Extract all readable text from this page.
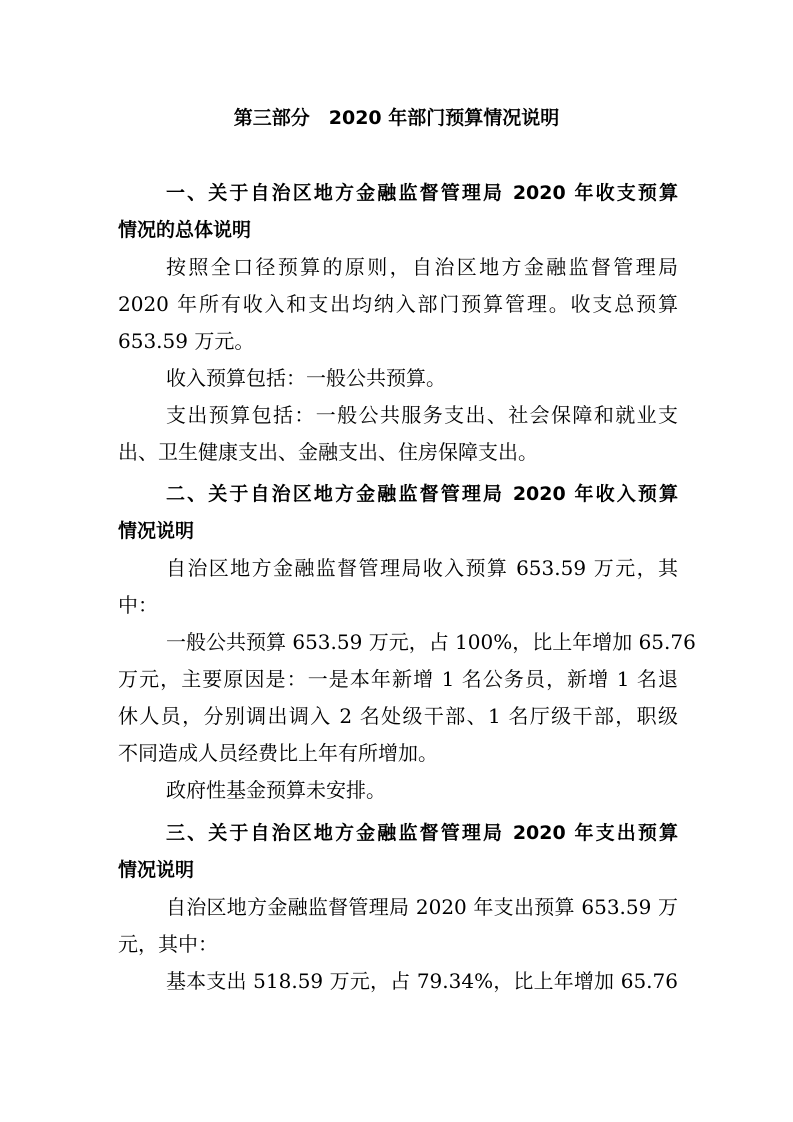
第三部分　2020 年部门预算情况说明
一、关于自治区地方金融监督管理局 2020 年收支预算
情况的总体说明
按照全口径预算的原则，自治区地方金融监督管理局
2020 年所有收入和支出均纳入部门预算管理。收支总预算
653.59 万元。
收入预算包括：一般公共预算。
支出预算包括：一般公共服务支出、社会保障和就业支
出、卫生健康支出、金融支出、住房保障支出。
二、关于自治区地方金融监督管理局 2020 年收入预算
情况说明
自治区地方金融监督管理局收入预算 653.59 万元，其
中：
一般公共预算 653.59 万元，占 100%，比上年增加 65.76
万元，主要原因是：一是本年新增 1 名公务员，新增 1 名退
休人员，分别调出调入 2 名处级干部、1 名厅级干部，职级
不同造成人员经费比上年有所增加。
政府性基金预算未安排。
三、关于自治区地方金融监督管理局 2020 年支出预算
情况说明
自治区地方金融监督管理局 2020 年支出预算 653.59 万
元，其中：
基本支出 518.59 万元，占 79.34%，比上年增加 65.76
